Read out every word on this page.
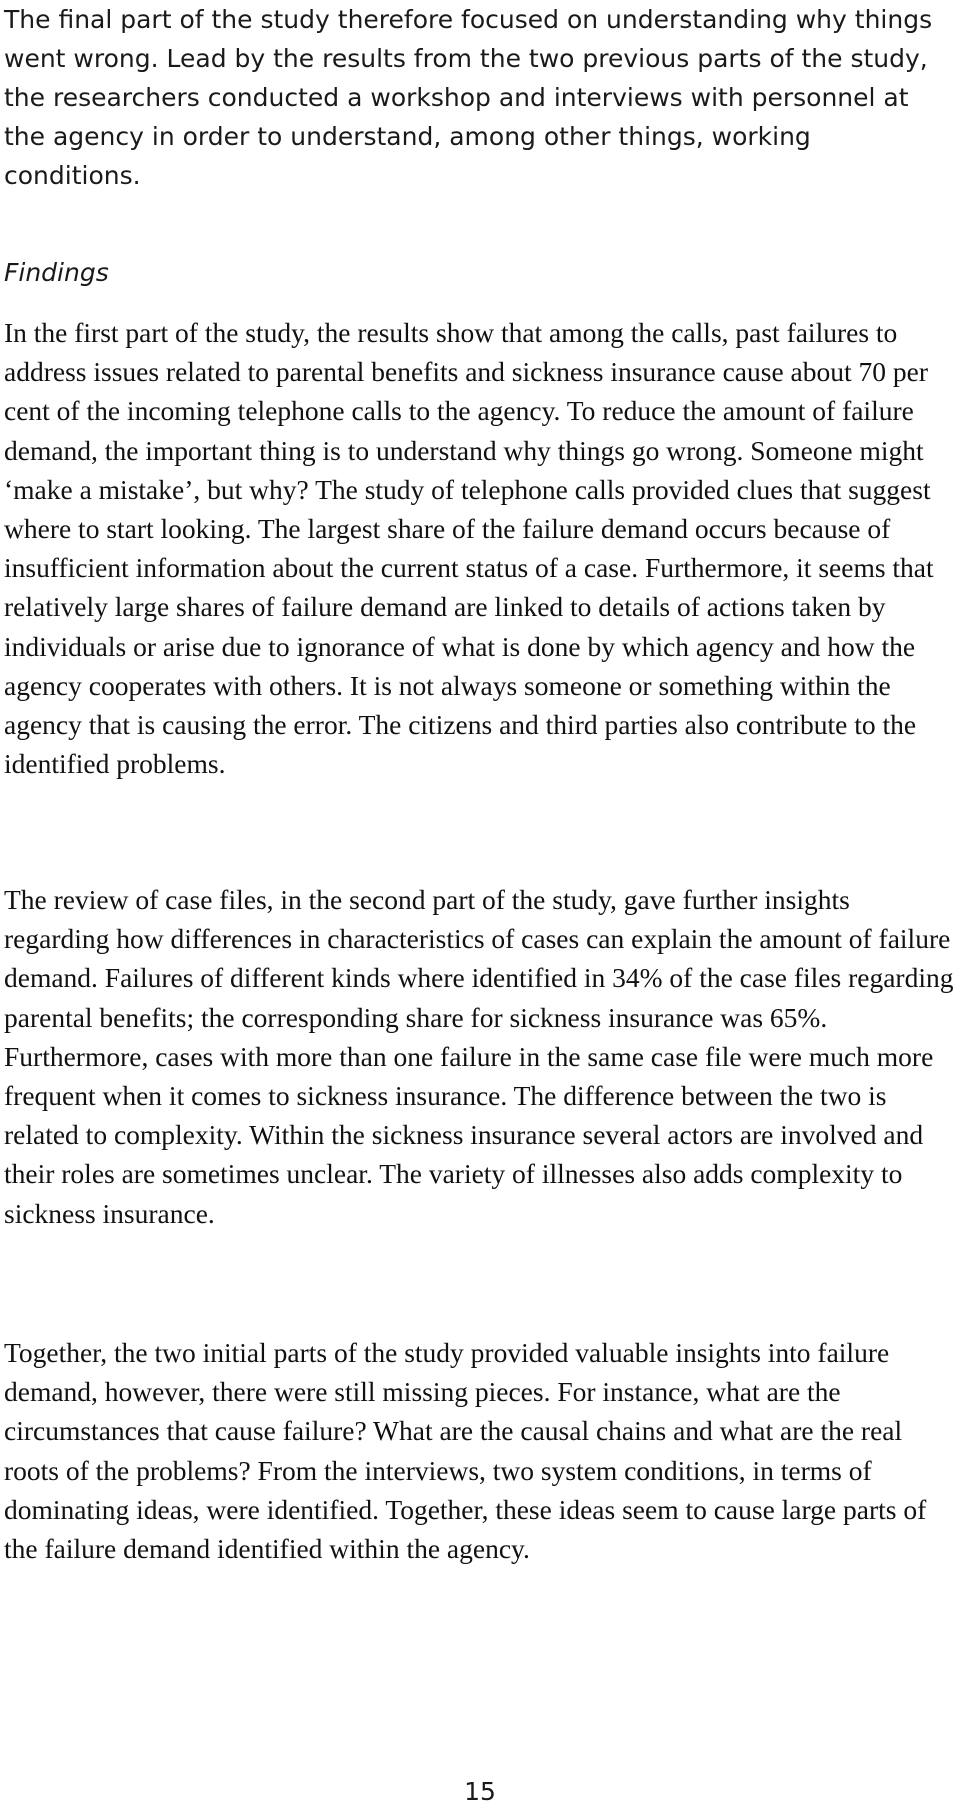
The final part of the study therefore focused on understanding why things went wrong. Lead by the results from the two previous parts of the study, the researchers conducted a workshop and interviews with personnel at the agency in order to understand, among other things, working conditions.

Findings

In the first part of the study, the results show that among the calls, past failures to address issues related to parental benefits and sickness insurance cause about 70 per cent of the incoming telephone calls to the agency. To reduce the amount of failure demand, the important thing is to understand why things go wrong. Someone might ‘make a mistake’, but why? The study of telephone calls provided clues that suggest where to start looking. The largest share of the failure demand occurs because of insufficient information about the current status of a case. Furthermore, it seems that relatively large shares of failure demand are linked to details of actions taken by individuals or arise due to ignorance of what is done by which agency and how the agency cooperates with others. It is not always someone or something within the agency that is causing the error. The citizens and third parties also contribute to the identified problems.

The review of case files, in the second part of the study, gave further insights regarding how differences in characteristics of cases can explain the amount of failure demand. Failures of different kinds where identified in 34% of the case files regarding parental benefits; the corresponding share for sickness insurance was 65%. Furthermore, cases with more than one failure in the same case file were much more frequent when it comes to sickness insurance. The difference between the two is related to complexity. Within the sickness insurance several actors are involved and their roles are sometimes unclear. The variety of illnesses also adds complexity to sickness insurance.

Together, the two initial parts of the study provided valuable insights into failure demand, however, there were still missing pieces. For instance, what are the circumstances that cause failure? What are the causal chains and what are the real roots of the problems? From the interviews, two system conditions, in terms of dominating ideas, were identified. Together, these ideas seem to cause large parts of the failure demand identified within the agency.

15
